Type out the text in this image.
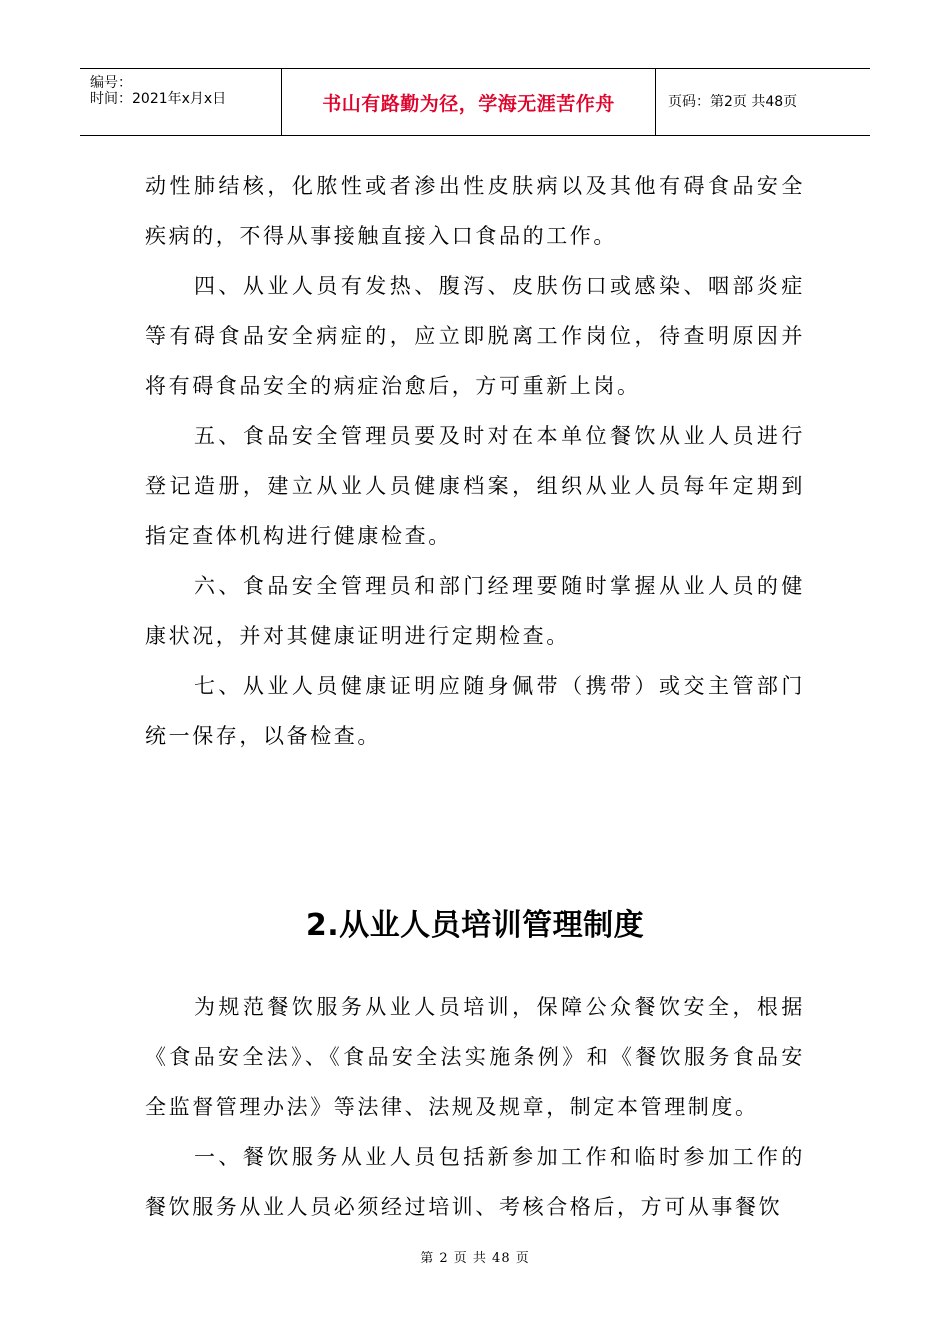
编号：
时间：2021年x月x日	书山有路勤为径，学海无涯苦作舟	页码：第2页 共48页

动性肺结核，化脓性或者渗出性皮肤病以及其他有碍食品安全疾病的，不得从事接触直接入口食品的工作。

　　四、从业人员有发热、腹泻、皮肤伤口或感染、咽部炎症等有碍食品安全病症的，应立即脱离工作岗位，待查明原因并将有碍食品安全的病症治愈后，方可重新上岗。

　　五、食品安全管理员要及时对在本单位餐饮从业人员进行登记造册，建立从业人员健康档案，组织从业人员每年定期到指定查体机构进行健康检查。

　　六、食品安全管理员和部门经理要随时掌握从业人员的健康状况，并对其健康证明进行定期检查。

　　七、从业人员健康证明应随身佩带（携带）或交主管部门统一保存，以备检查。

2.从业人员培训管理制度

　　为规范餐饮服务从业人员培训，保障公众餐饮安全，根据《食品安全法》、《食品安全法实施条例》和《餐饮服务食品安全监督管理办法》等法律、法规及规章，制定本管理制度。

　　一、餐饮服务从业人员包括新参加工作和临时参加工作的餐饮服务从业人员必须经过培训、考核合格后，方可从事餐饮

第 2 页 共 48 页
